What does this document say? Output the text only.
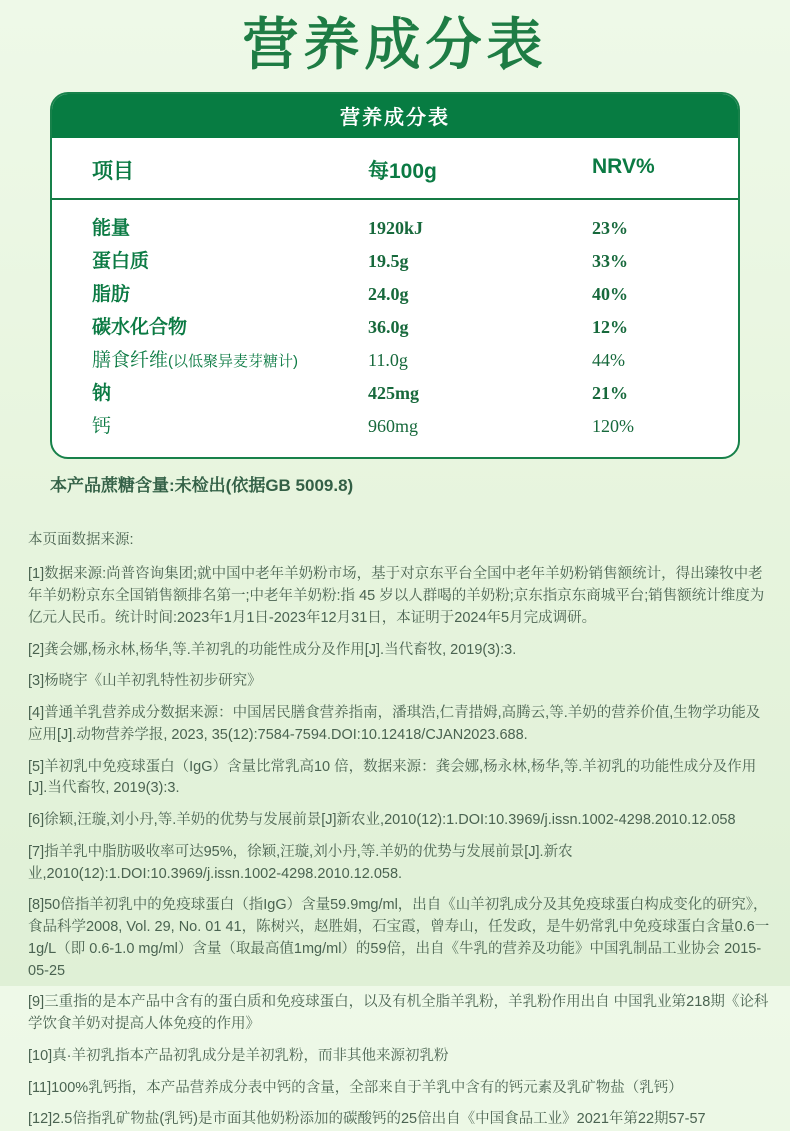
营养成分表
营养成分表
项目	每100g	NRV%
能量	1920kJ	23%
蛋白质	19.5g	33%
脂肪	24.0g	40%
碳水化合物	36.0g	12%
膳食纤维(以低聚异麦芽糖计)	11.0g	44%
钠	425mg	21%
钙	960mg	120%
本产品蔗糖含量:未检出(依据GB 5009.8)

本页面数据来源:

[1]数据来源:尚普咨询集团;就中国中老年羊奶粉市场，基于对京东平台全国中老年羊奶粉销售额统计，得出臻牧中老年羊奶粉京东全国销售额排名第一;中老年羊奶粉:指 45 岁以人群喝的羊奶粉;京东指京东商城平台;销售额统计维度为亿元人民币。统计时间:2023年1月1日-2023年12月31日，本证明于2024年5月完成调研。

[2]龚会娜,杨永林,杨华,等.羊初乳的功能性成分及作用[J].当代畜牧, 2019(3):3.

[3]杨晓宇《山羊初乳特性初步研究》

[4]普通羊乳营养成分数据来源：中国居民膳食营养指南，潘琪浩,仁青措姆,高腾云,等.羊奶的营养价值,生物学功能及应用[J].动物营养学报, 2023, 35(12):7584-7594.DOI:10.12418/CJAN2023.688.

[5]羊初乳中免疫球蛋白（IgG）含量比常乳高10 倍，数据来源：龚会娜,杨永林,杨华,等.羊初乳的功能性成分及作用[J].当代畜牧, 2019(3):3.

[6]徐颖,汪璇,刘小丹,等.羊奶的优势与发展前景[J]新农业,2010(12):1.DOI:10.3969/j.issn.1002-4298.2010.12.058

[7]指羊乳中脂肪吸收率可达95%，徐颖,汪璇,刘小丹,等.羊奶的优势与发展前景[J].新农业,2010(12):1.DOI:10.3969/j.issn.1002-4298.2010.12.058.

[8]50倍指羊初乳中的免疫球蛋白（指IgG）含量59.9mg/ml，出自《山羊初乳成分及其免疫球蛋白构成变化的研究》，食品科学2008, Vol. 29, No. 01 41，陈树兴，赵胜娟，石宝霞，曾寿山，任发政，是牛奶常乳中免疫球蛋白含量0.6一1g/L（即 0.6-1.0 mg/ml）含量（取最高值1mg/ml）的59倍，出自《牛乳的营养及功能》中国乳制品工业协会 2015-05-25

[9]三重指的是本产品中含有的蛋白质和免疫球蛋白，以及有机全脂羊乳粉，羊乳粉作用出自 中国乳业第218期《论科学饮食羊奶对提高人体免疫的作用》

[10]真·羊初乳指本产品初乳成分是羊初乳粉，而非其他来源初乳粉

[11]100%乳钙指，本产品营养成分表中钙的含量，全部来自于羊乳中含有的钙元素及乳矿物盐（乳钙）

[12]2.5倍指乳矿物盐(乳钙)是市面其他奶粉添加的碳酸钙的25倍出自《中国食品工业》2021年第22期57-57
